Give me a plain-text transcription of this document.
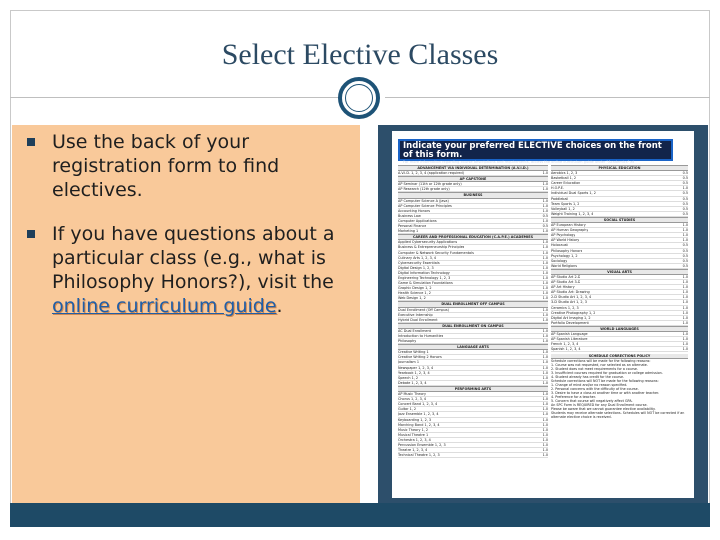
Select Elective Classes
Use the back of your registration form to find electives.
If you have questions about a particular class (e.g., what is Philosophy Honors?), visit the online curriculum guide.
Indicate your preferred ELECTIVE choices on the front of this form.
For more information regarding course descriptions and requirements, access the online curriculum guide under "Academics" at
ADVANCEMENT VIA INDIVIDUAL DETERMINATION (A.V.I.D.)
A.V.I.D. 1, 2, 3, 4 (application required)	1.0
AP CAPSTONE
AP Seminar (11th or 12th grade only)	1.0
AP Research (12th grade only)	1.0
BUSINESS
AP Computer Science A (Java)	1.0
AP Computer Science Principles	1.0
Accounting Honors	1.0
Business Law	0.5
Computer Applications	1.0
Personal Finance	0.5
Marketing 1	1.0
CAREER AND PROFESSIONAL EDUCATION (C.A.P.E.) ACADEMIES
Applied Cybersecurity Applications	1.0
Business & Entrepreneurship Principles	1.0
Computer & Network Security Fundamentals	1.0
Culinary Arts 1, 2, 3, 4	1.0
Cybersecurity Essentials	1.0
Digital Design 1, 2, 3	1.0
Digital Information Technology	1.0
Engineering Technology 1, 2, 3	1.0
Game & Simulation Foundations	1.0
Graphic Design 1, 2	1.0
Health Science 1, 2	1.0
Web Design 1, 2	1.0
DUAL ENROLLMENT OFF CAMPUS
Dual Enrollment (Off Campus)	1.0
Executive Internship	1.0
Hybrid Dual Enrollment	1.0
DUAL ENROLLMENT ON CAMPUS
AC Dual Enrollment	1.0
Introduction to Humanities	1.0
Philosophy	1.0
LANGUAGE ARTS
Creative Writing 1	1.0
Creative Writing 2 Honors	1.0
Journalism 1	1.0
Newspaper 1, 2, 3, 4	1.0
Yearbook 1, 2, 3, 4	1.0
Speech 1, 2	1.0
Debate 1, 2, 3, 4	1.0
PERFORMING ARTS
AP Music Theory	1.0
Chorus 1, 2, 3, 4	1.0
Concert Band 1, 2, 3, 4	1.0
Guitar 1, 2	1.0
Jazz Ensemble 1, 2, 3, 4	1.0
Keyboarding 1, 2, 3	1.0
Marching Band 1, 2, 3, 4	1.0
Music Theory 1, 2	1.0
Musical Theatre 1	1.0
Orchestra 1, 2, 3, 4	1.0
Percussion Ensemble 1, 2, 3	1.0
Theatre 1, 2, 3, 4	1.0
Technical Theatre 1, 2, 3	1.0
PHYSICAL EDUCATION
Aerobics 1, 2, 3	0.5
Basketball 1, 2	0.5
Career Education	0.5
H.O.P.E.	1.0
Individual Dual Sports 1, 2	0.5
Paddleball	0.5
Team Sports 1, 2	0.5
Volleyball 1, 2	0.5
Weight Training 1, 2, 3, 4	0.5
SOCIAL STUDIES
AP European History	1.0
AP Human Geography	1.0
AP Psychology	1.0
AP World History	1.0
Holocaust	0.5
Philosophy Honors	0.5
Psychology 1, 2	0.5
Sociology	0.5
World Religions	0.5
VISUAL ARTS
AP Studio Art 2-D	1.0
AP Studio Art 3-D	1.0
AP Art History	1.0
AP Studio Art: Drawing	1.0
2-D Studio Art 1, 2, 3, 4	1.0
3-D Studio Art 1, 2, 3	1.0
Ceramics 1, 2, 3	1.0
Creative Photography 1, 2	1.0
Digital Art Imaging 1, 2	1.0
Portfolio Development	1.0
WORLD LANGUAGES
AP Spanish Language	1.0
AP Spanish Literature	1.0
French 1, 2, 3, 4	1.0
Spanish 1, 2, 3, 4	1.0
SCHEDULE CORRECTIONS POLICY
Schedule corrections will be made for the following reasons:
1. Course was not requested, nor selected as an alternate.
2. Student does not meet requirements for a course.
3. Insufficient courses required for graduation or college admission.
4. Student already has credit for the course.
Schedule corrections will NOT be made for the following reasons:
1. Change of mind and/or no reason specified.
2. Personal concerns with the difficulty of the course.
3. Desire to have a class at another time or with another teacher.
4. Preference for a teacher.
5. Concern that course will negatively affect GPA.
An SPC Form is REQUIRED for any Dual Enrollment course.
Please be aware that we cannot guarantee elective availability.
Students may receive alternate selections. Schedules will NOT be corrected if an alternate elective choice is received.
